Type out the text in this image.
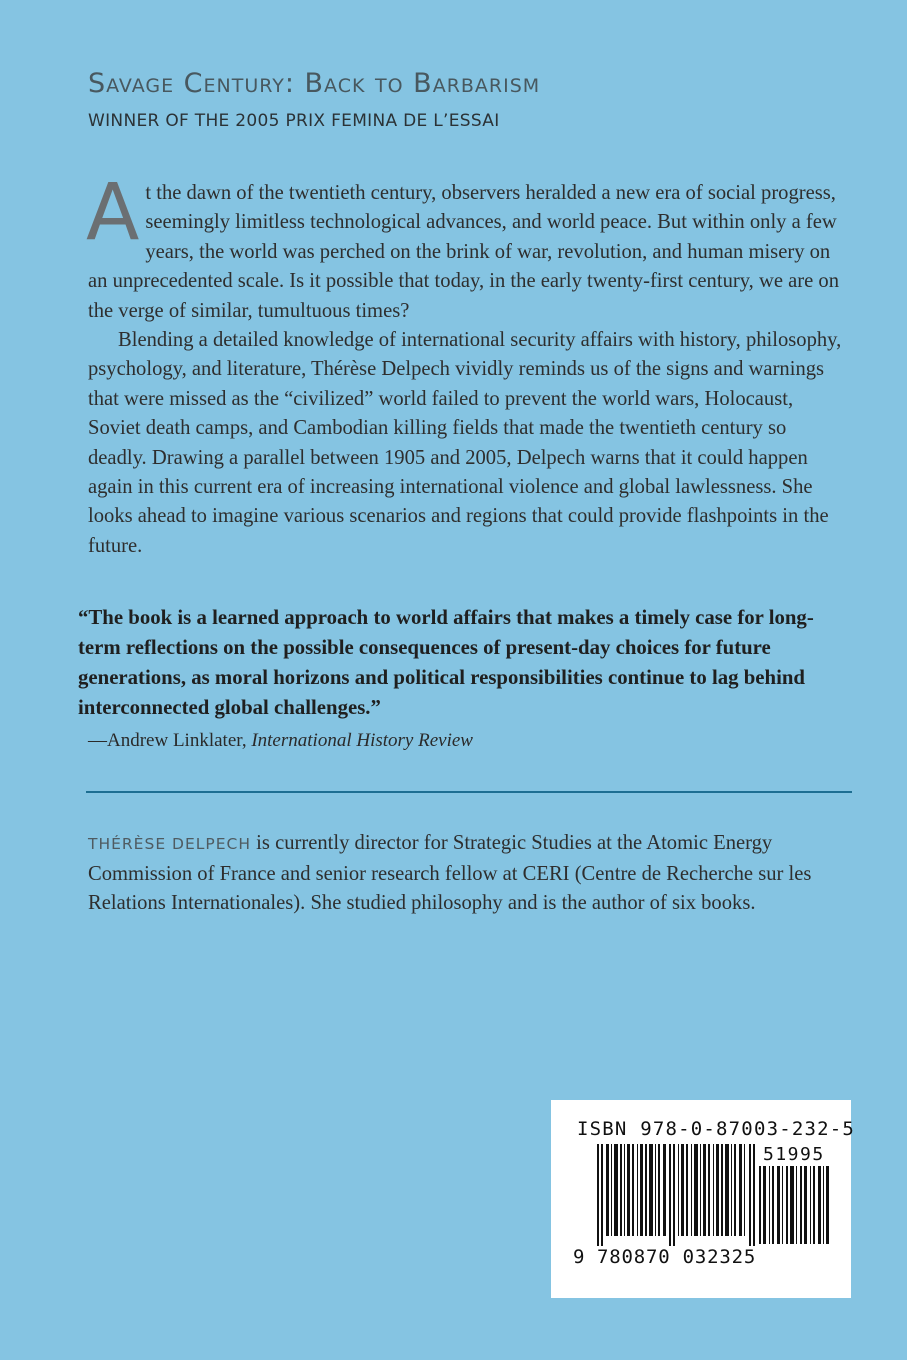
Savage Century: Back to Barbarism
WINNER OF THE 2005 PRIX FEMINA DE L’ESSAI

At the dawn of the twentieth century, observers heralded a new era of social progress, seemingly limitless technological advances, and world peace. But within only a few years, the world was perched on the brink of war, revolution, and human misery on an unprecedented scale. Is it possible that today, in the early twenty-first century, we are on the verge of similar, tumultuous times?

Blending a detailed knowledge of international security affairs with history, philosophy, psychology, and literature, Thérèse Delpech vividly reminds us of the signs and warnings that were missed as the “civilized” world failed to prevent the world wars, Holocaust, Soviet death camps, and Cambodian killing fields that made the twentieth century so deadly. Drawing a parallel between 1905 and 2005, Delpech warns that it could happen again in this current era of increasing international violence and global lawlessness. She looks ahead to imagine various scenarios and regions that could provide flashpoints in the future.

“The book is a learned approach to world affairs that makes a timely case for long-term reflections on the possible consequences of present-day choices for future generations, as moral horizons and political responsibilities continue to lag behind interconnected global challenges.”
—Andrew Linklater, International History Review
THÉRÈSE DELPECH is currently director for Strategic Studies at the Atomic Energy Commission of France and senior research fellow at CERI (Centre de Recherche sur les Relations Internationales). She studied philosophy and is the author of six books.
ISBN 978-0-87003-232-5
51995
9 780870 032325
